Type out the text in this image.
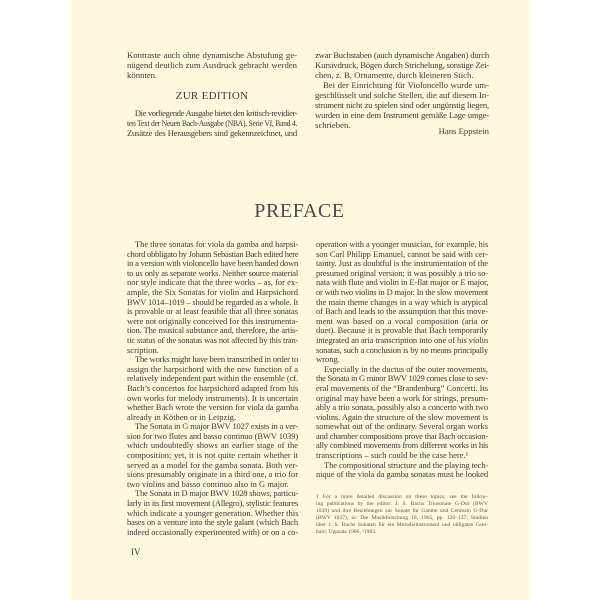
Kontraste auch ohne dynamische Abstufung ge-
nügend deutlich zum Ausdruck gebracht werden
könnten.
ZUR EDITION
Die vorliegende Ausgabe bietet den kritisch-revidier-
ten Text der Neuen Bach-Ausgabe (NBA), Serie VI, Band 4.
Zusätze des Herausgebers sind gekennzeichnet, und
zwar Buchstaben (auch dynamische Angaben) durch
Kursivdruck, Bögen durch Strichelung, sonstige Zei-
chen, z. B. Ornamente, durch kleineren Stich.
Bei der Einrichtung für Violoncello wurde um-
geschlüsselt und solche Stellen, die auf diesem In-
strument nicht zu spielen sind oder ungünstig liegen,
wurden in eine dem Instrument gemäße Lage umge-
schrieben.
Hans Eppstein
PREFACE
The three sonatas for viola da gamba and harpsi-
chord obbligato by Johann Sebastian Bach edited here
in a version with violoncello have been handed down
to us only as separate works. Neither source material
nor style indicate that the three works – as, for ex-
ample, the Six Sonatas for violin and Harpsichord
BWV 1014–1019 – should be regarded as a whole. It
is provable or at least feasible that all three sonatas
were not originally conceived for this instrumenta-
tion. The musical substance and, therefore, the artis-
tic status of the sonatas was not affected by this tran-
scription.
The works might have been transcribed in order to
assign the harpsichord with the new function of a
relatively independent part within the ensemble (cf.
Bach’s concertos for harpsichord adapted from his
own works for melody instruments). It is uncertain
whether Bach wrote the version for viola da gamba
already in Köthen or in Leipzig.
The Sonata in G major BWV 1027 exists in a ver-
sion for two flutes and basso continuo (BWV 1039)
which undoubtedly shows an earlier stage of the
composition; yet, it is not quite certain whether it
served as a model for the gamba sonata. Both ver-
sions presumably originate in a third one, a trio for
two violins and basso continuo also in G major.
The Sonata in D major BWV 1028 shows, particu-
larly in its first movement (Allegro), stylistic features
which indicate a younger generation. Whether this
bases on a venture into the style galant (which Bach
indeed occasionally experimented with) or on a co-
operation with a younger musician, for example, his
son Carl Philipp Emanuel, cannot be said with cer-
tainty. Just as doubtful is the instrumentation of the
presumed original version; it was possibly a trio so-
nata with flute and violin in E-flat major or E major,
or with two violins in D major. In the slow movement
the main theme changes in a way which is atypical
of Bach and leads to the assumption that this move-
ment was based on a vocal composition (aria or
duet). Because it is provable that Bach temporarily
integrated an aria transcription into one of his violin
sonatas, such a conclusion is by no means principally
wrong.
Especially in the ductus of the outer movements,
the Sonata in G minor BWV 1029 comes close to sev-
eral movements of the “Brandenburg” Concerti. Its
original may have been a work for strings, presum-
ably a trio sonata, possibly also a concerto with two
violins. Again the structure of the slow movement is
somewhat out of the ordinary. Several organ works
and chamber compositions prove that Bach occasion-
ally combined movements from different works in his
transcriptions – such could be the case here.¹
The compositional structure and the playing tech-
nique of the viola da gamba sonatas must be looked
1 For a more detailed discussion on these topics, see the follow-
ing publications by the editor: J. S. Bachs Triosonate G-Dur (BWV
1039) und ihre Beziehungen zur Sonate für Gambe und Cembalo G-Dur
(BWV 1027), in: Die Musikforschung 18, 1965, pp. 126–137; Studien
über J. S. Bachs Sonaten für ein Melodieinstrument und obligates Cem-
balo, Uppsala 1966, ²1983.
IV
